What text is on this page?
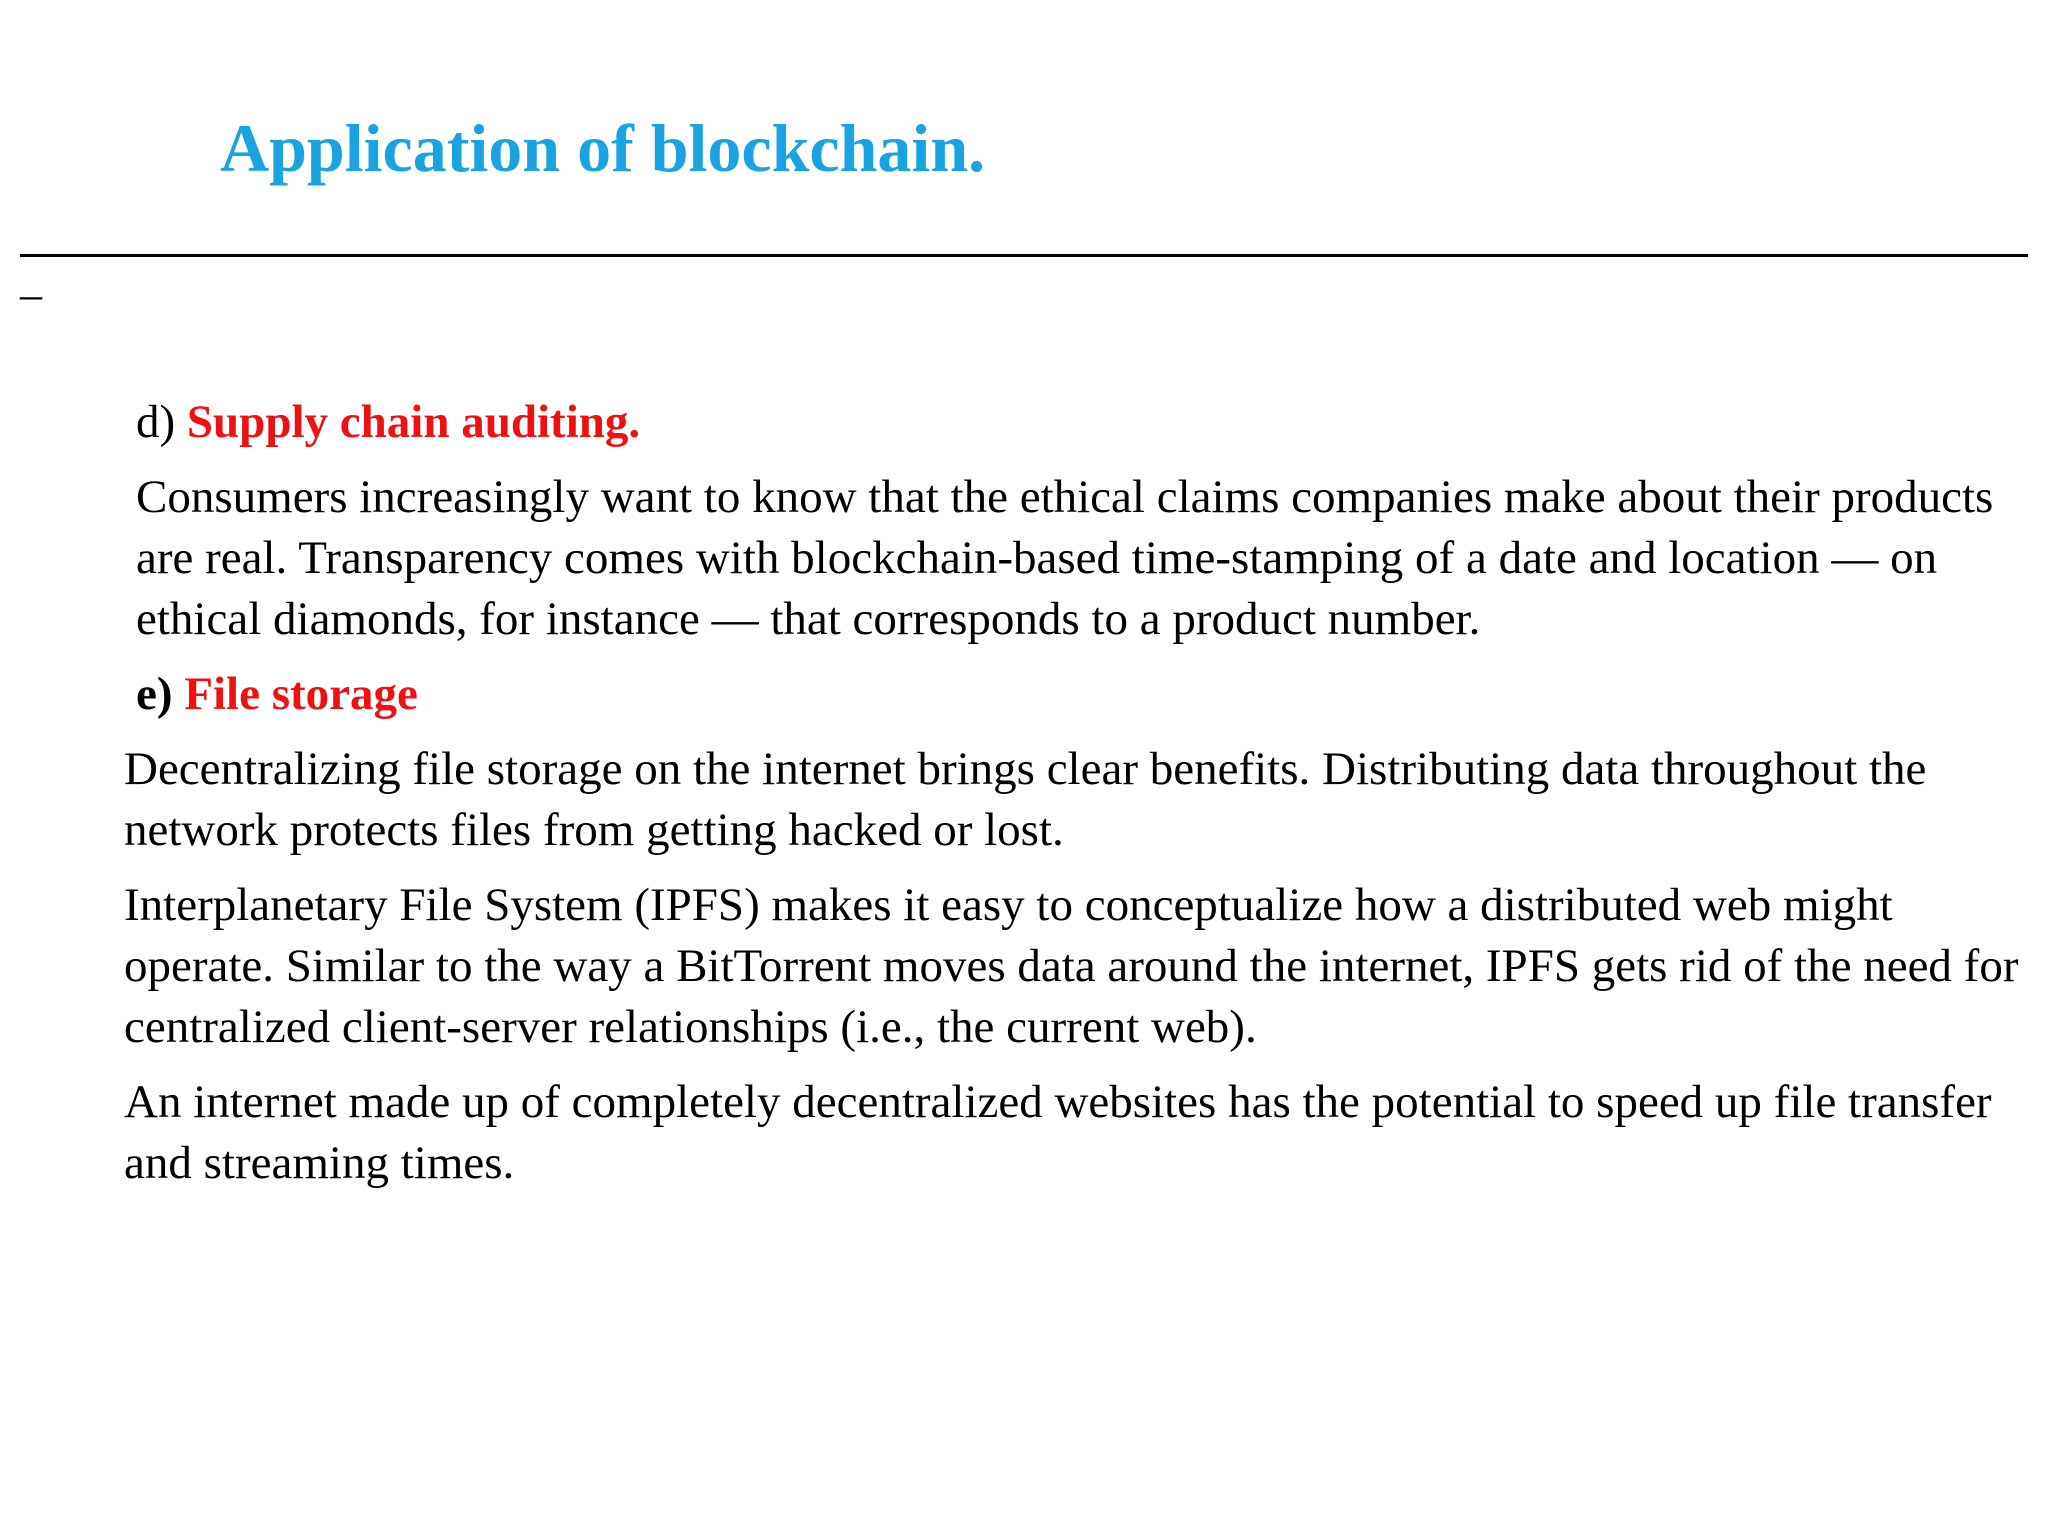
Application of blockchain.
–

d) Supply chain auditing.

Consumers increasingly want to know that the ethical claims companies make about their products are real. Transparency comes with blockchain-based time-stamping of a date and location — on ethical diamonds, for instance — that corresponds to a product number.

e) File storage

Decentralizing file storage on the internet brings clear benefits. Distributing data throughout the network protects files from getting hacked or lost.

Interplanetary File System (IPFS) makes it easy to conceptualize how a distributed web might operate. Similar to the way a BitTorrent moves data around the internet, IPFS gets rid of the need for centralized client-server relationships (i.e., the current web).

An internet made up of completely decentralized websites has the potential to speed up file transfer and streaming times.
